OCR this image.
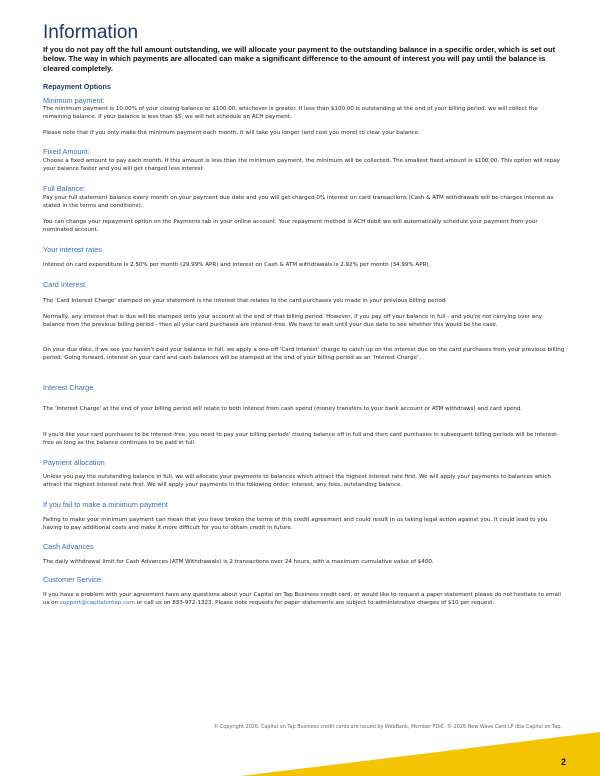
Information
If you do not pay off the full amount outstanding, we will allocate your payment to the outstanding balance in a specific order, which is set out below. The way in which payments are allocated can make a significant difference to the amount of interest you will pay until the balance is cleared completely.
Repayment Options
Minimum payment:
The minimum payment is 10.00% of your closing balance or $100.00, whichever is greater. If less than $100.00 is outstanding at the end of your billing period, we will collect the remaining balance. If your balance is less than $5, we will not schedule an ACH payment.
Please note that if you only make the minimum payment each month, it will take you longer (and cost you more) to clear your balance.
Fixed Amount:
Choose a fixed amount to pay each month. If this amount is less than the minimum payment, the minimum will be collected. The smallest fixed amount is $100.00. This option will repay your balance faster and you will get charged less interest
Full Balance:
Pay your full statement balance every month on your payment due date and you will get charged 0% interest on card transactions (Cash & ATM withdrawals will be charges interest as stated in the terms and conditions).
You can change your repayment option on the Payments tab in your online account. Your repayment method is ACH debit we will automatically schedule your payment from your nominated account.
Your interest rates
Interest on card expenditure is 2.50% per month (29.99% APR) and interest on Cash & ATM withdrawals is 2.92% per month (34.99% APR).
Card Interest
The 'Card Interest Charge' stamped on your statement is the interest that relates to the card purchases you made in your previous billing period.
Normally, any interest that is due will be stamped onto your account at the end of that billing period. However, if you pay off your balance in full - and you're not carrying over any balance from the previous billing period - then all your card purchases are interest-free. We have to wait until your due date to see whether this would be the case.
On your due date, if we see you haven't paid your balance in full, we apply a one-off 'Card Interest' charge to catch up on the interest due on the card purchases from your previous billing period. Going forward, interest on your card and cash balances will be stamped at the end of your billing period as an 'Interest Charge'.
Interest Charge
The 'Interest Charge' at the end of your billing period will relate to both interest from cash spend (money transfers to your bank account or ATM withdraws) and card spend.
If you'd like your card purchases to be interest-free, you need to pay your billing periods' closing balance off in full and then card purchases in subsequent billing periods will be interest-free as long as the balance continues to be paid in full.
Payment allocation
Unless you pay the outstanding balance in full, we will allocate your payments to balances which attract the highest interest rate first. We will apply your payments to balances which attract the highest interest rate first. We will apply your payments in the following order: interest, any fees, outstanding balance.
If you fail to make a minimum payment
Failing to make your minimum payment can mean that you have broken the terms of this credit agreement and could result in us taking legal action against you. It could lead to you having to pay additional costs and make it more difficult for you to obtain credit in future.
Cash Advances
The daily withdrawal limit for Cash Advances (ATM Withdrawals) is 2 transactions over 24 hours, with a maximum cumulative value of $400.
Customer Service
If you have a problem with your agreement have any questions about your Capital on Tap Business credit card, or would like to request a paper statement please do not hesitate to email us on support@capitalontap.com or call us on 833-972-1323. Please note requests for paper statements are subject to administrative charges of $10 per request.
© Copyright 2026. Capital on Tap Business credit cards are issued by WebBank, Member FDIC. © 2026 New Wave Card LP dba Capital on Tap.
2
